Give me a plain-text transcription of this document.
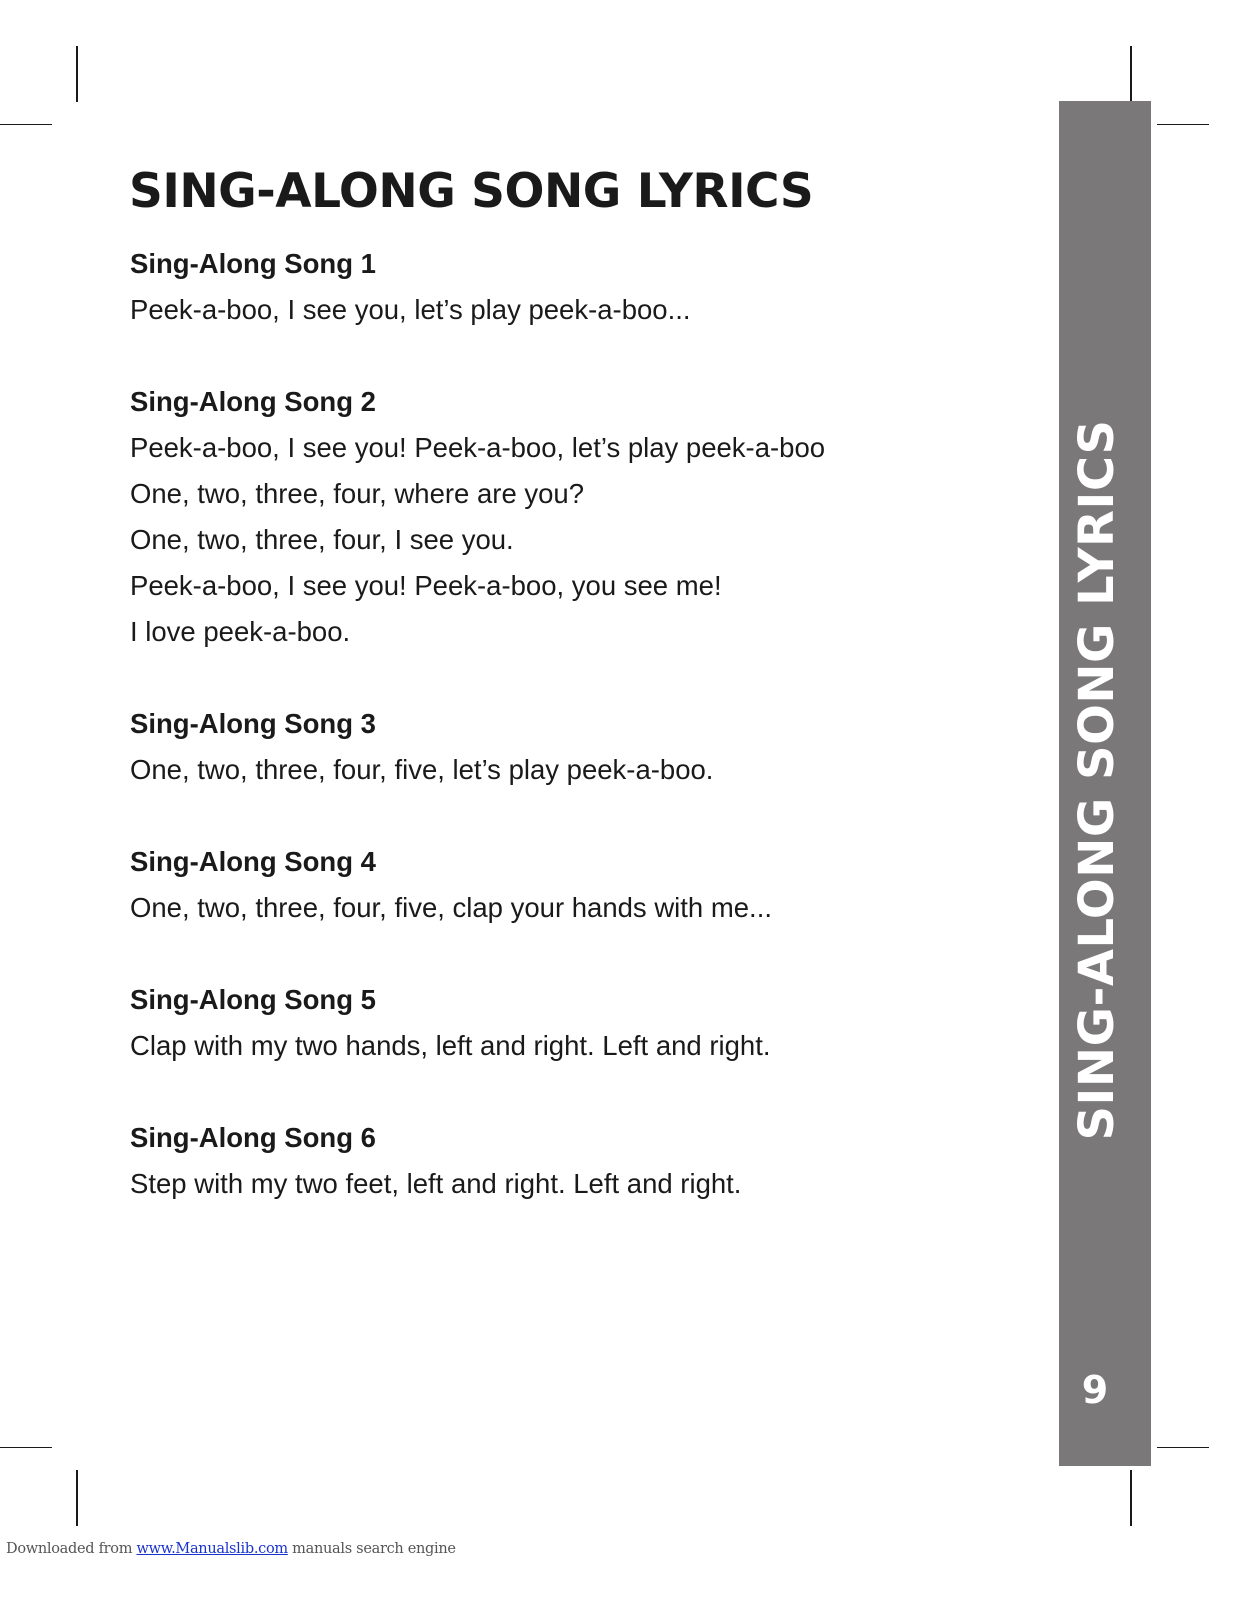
SING-ALONG SONG LYRICS
Sing-Along Song 1
Peek-a-boo, I see you, let’s play peek-a-boo...
Sing-Along Song 2
Peek-a-boo, I see you! Peek-a-boo, let’s play peek-a-boo
One, two, three, four, where are you?
One, two, three, four, I see you.
Peek-a-boo, I see you! Peek-a-boo, you see me!
I love peek-a-boo.
Sing-Along Song 3
One, two, three, four, five, let’s play peek-a-boo.
Sing-Along Song 4
One, two, three, four, five, clap your hands with me...
Sing-Along Song 5
Clap with my two hands, left and right. Left and right.
Sing-Along Song 6
Step with my two feet, left and right. Left and right.
SING-ALONG SONG LYRICS
9
Downloaded from www.Manualslib.com manuals search engine
